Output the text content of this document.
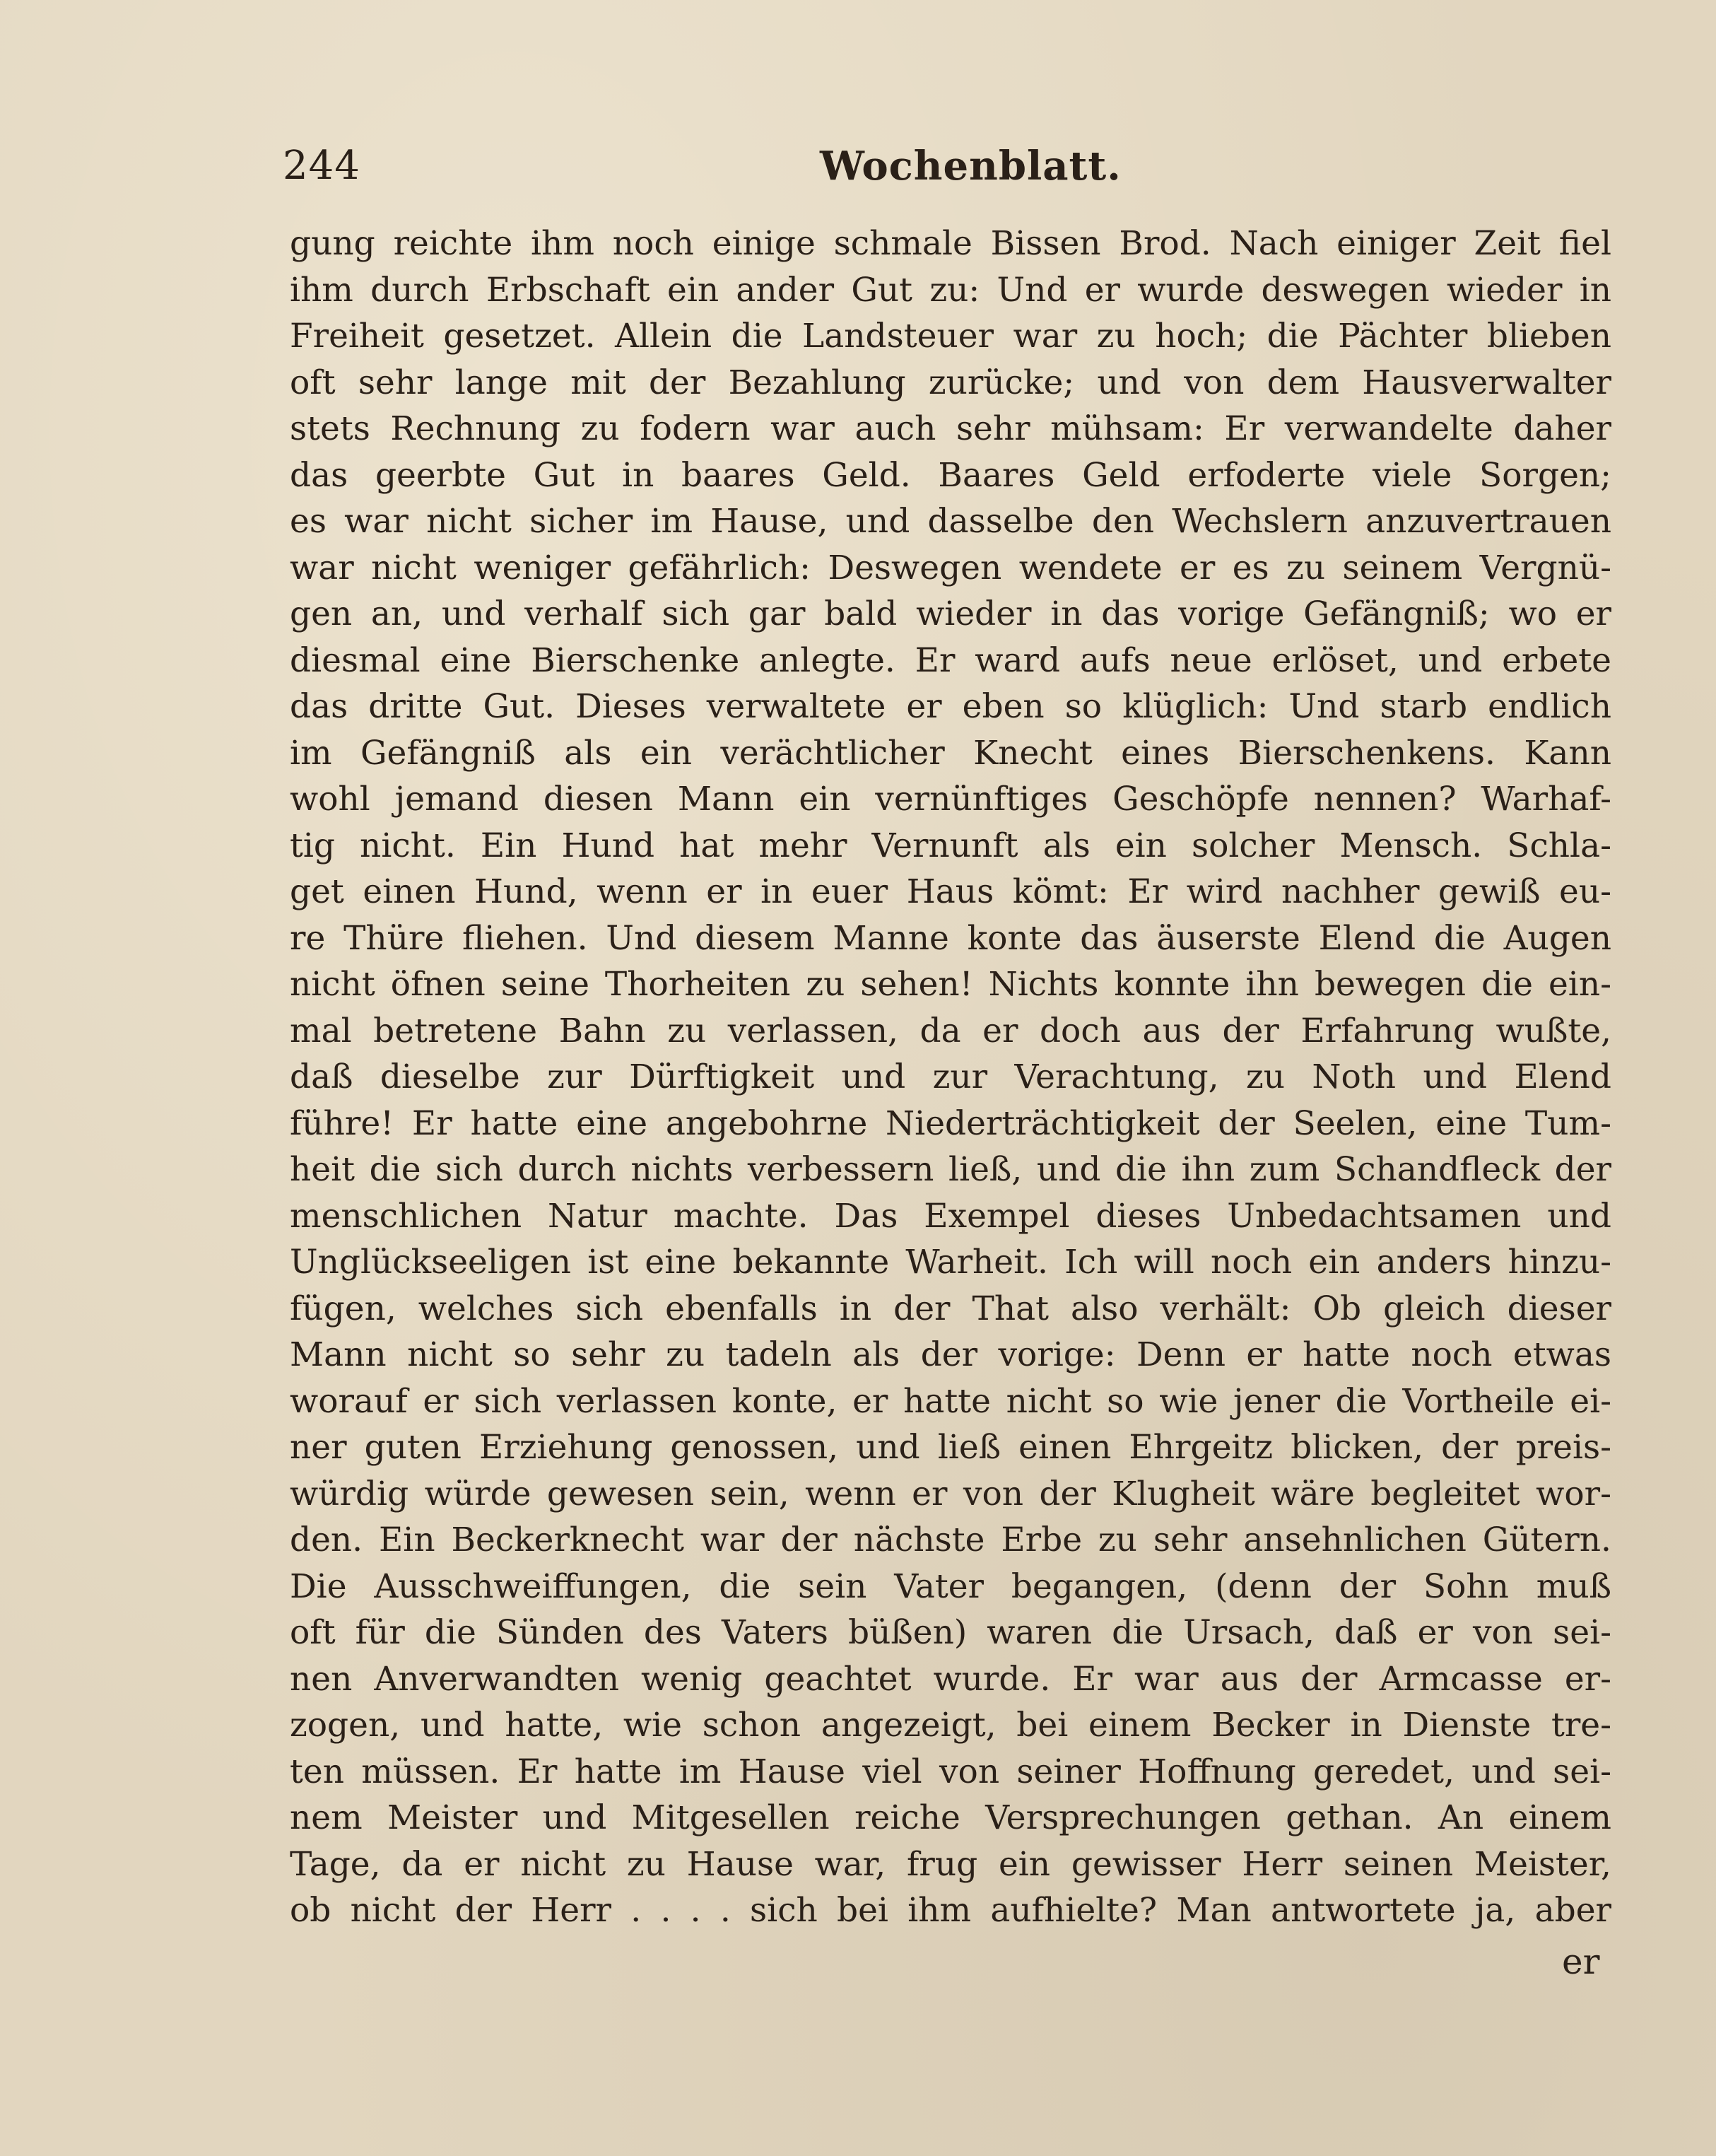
244	Wochenblatt.
gung reichte ihm noch einige schmale Bissen Brod. Nach einiger Zeit fiel
ihm durch Erbschaft ein ander Gut zu: Und er wurde deswegen wieder in
Freiheit gesetzet. Allein die Landsteuer war zu hoch; die Pächter blieben
oft sehr lange mit der Bezahlung zurücke; und von dem Hausverwalter
stets Rechnung zu fodern war auch sehr mühsam: Er verwandelte daher
das geerbte Gut in baares Geld. Baares Geld erfoderte viele Sorgen;
es war nicht sicher im Hause, und dasselbe den Wechslern anzuvertrauen
war nicht weniger gefährlich: Deswegen wendete er es zu seinem Vergnü-
gen an, und verhalf sich gar bald wieder in das vorige Gefängniß; wo er
diesmal eine Bierschenke anlegte. Er ward aufs neue erlöset, und erbete
das dritte Gut. Dieses verwaltete er eben so klüglich: Und starb endlich
im Gefängniß als ein verächtlicher Knecht eines Bierschenkens. Kann
wohl jemand diesen Mann ein vernünftiges Geschöpfe nennen? Warhaf-
tig nicht. Ein Hund hat mehr Vernunft als ein solcher Mensch. Schla-
get einen Hund, wenn er in euer Haus kömt: Er wird nachher gewiß eu-
re Thüre fliehen. Und diesem Manne konte das äuserste Elend die Augen
nicht öfnen seine Thorheiten zu sehen! Nichts konnte ihn bewegen die ein-
mal betretene Bahn zu verlassen, da er doch aus der Erfahrung wußte,
daß dieselbe zur Dürftigkeit und zur Verachtung, zu Noth und Elend
führe! Er hatte eine angebohrne Niederträchtigkeit der Seelen, eine Tum-
heit die sich durch nichts verbessern ließ, und die ihn zum Schandfleck der
menschlichen Natur machte. Das Exempel dieses Unbedachtsamen und
Unglückseeligen ist eine bekannte Warheit. Ich will noch ein anders hinzu-
fügen, welches sich ebenfalls in der That also verhält: Ob gleich dieser
Mann nicht so sehr zu tadeln als der vorige: Denn er hatte noch etwas
worauf er sich verlassen konte, er hatte nicht so wie jener die Vortheile ei-
ner guten Erziehung genossen, und ließ einen Ehrgeitz blicken, der preis-
würdig würde gewesen sein, wenn er von der Klugheit wäre begleitet wor-
den. Ein Beckerknecht war der nächste Erbe zu sehr ansehnlichen Gütern.
Die Ausschweiffungen, die sein Vater begangen, (denn der Sohn muß
oft für die Sünden des Vaters büßen) waren die Ursach, daß er von sei-
nen Anverwandten wenig geachtet wurde. Er war aus der Armcasse er-
zogen, und hatte, wie schon angezeigt, bei einem Becker in Dienste tre-
ten müssen. Er hatte im Hause viel von seiner Hoffnung geredet, und sei-
nem Meister und Mitgesellen reiche Versprechungen gethan. An einem
Tage, da er nicht zu Hause war, frug ein gewisser Herr seinen Meister,
ob nicht der Herr . . . . sich bei ihm aufhielte? Man antwortete ja, aber
er
